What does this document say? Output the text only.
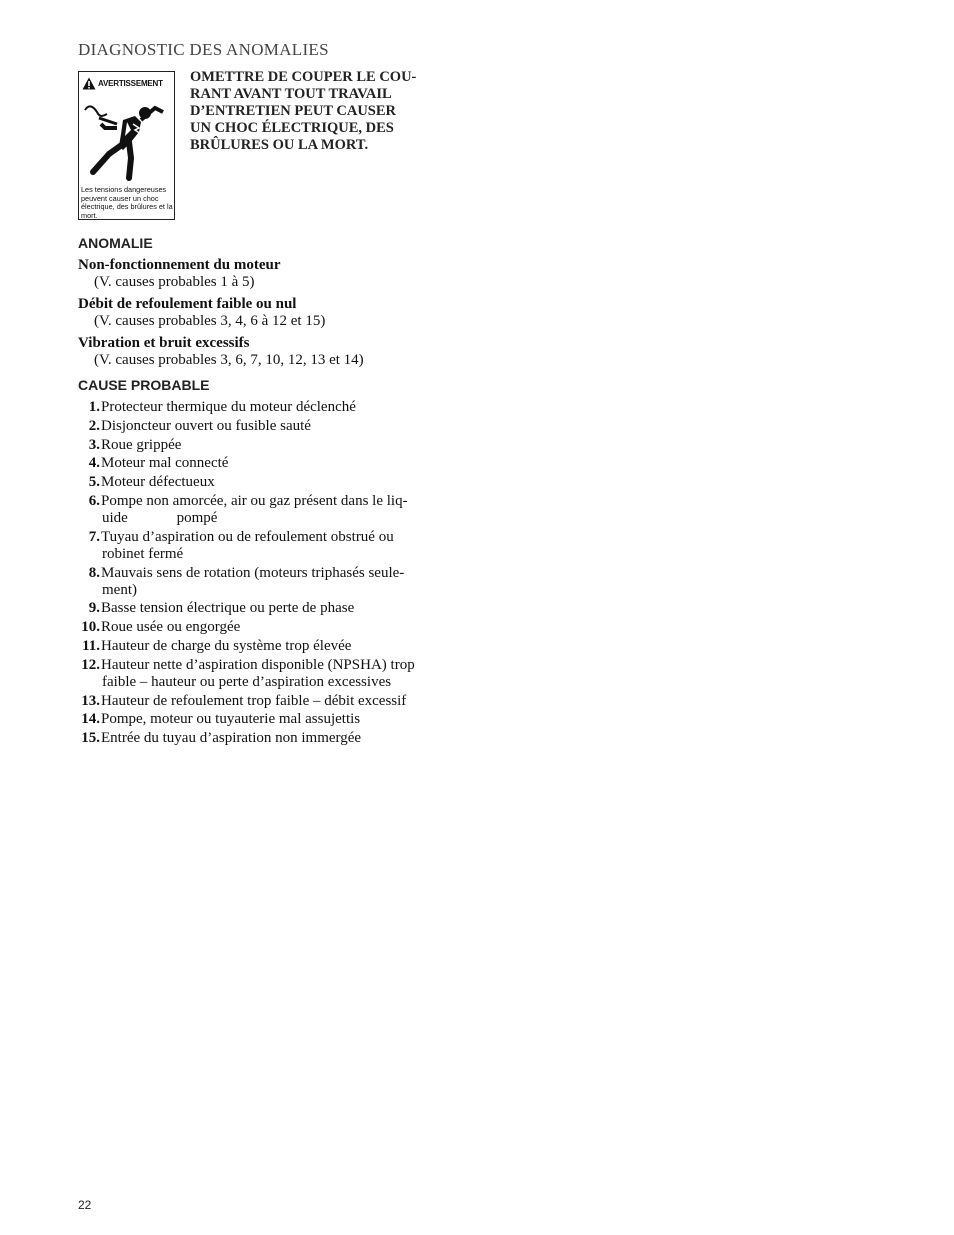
DIAGNOSTIC DES ANOMALIES
AVERTISSEMENT
Les tensions dangereuses peuvent causer un choc électrique, des brûlures et la mort.
OMETTRE DE COUPER LE COU-
RANT AVANT TOUT TRAVAIL
D’ENTRETIEN PEUT CAUSER
UN CHOC ÉLECTRIQUE, DES
BRÛLURES OU LA MORT.
ANOMALIE
Non-fonctionnement du moteur
(V. causes probables 1 à 5)
Débit de refoulement faible ou nul
(V. causes probables 3, 4, 6 à 12 et 15)
Vibration et bruit excessifs
(V. causes probables 3, 6, 7, 10, 12, 13 et 14)
CAUSE PROBABLE
1. Protecteur thermique du moteur déclenché
2. Disjoncteur ouvert ou fusible sauté
3. Roue grippée
4. Moteur mal connecté
5. Moteur défectueux
6. Pompe non amorcée, air ou gaz présent dans le liq-
uide             pompé
7. Tuyau d’aspiration ou de refoulement obstrué ou
robinet fermé
8. Mauvais sens de rotation (moteurs triphasés seule-
ment)
9. Basse tension électrique ou perte de phase
10. Roue usée ou engorgée
11. Hauteur de charge du système trop élevée
12. Hauteur nette d’aspiration disponible (NPSHA) trop
faible – hauteur ou perte d’aspiration excessives
13. Hauteur de refoulement trop faible – débit excessif
14. Pompe, moteur ou tuyauterie mal assujettis
15. Entrée du tuyau d’aspiration non immergée
22
